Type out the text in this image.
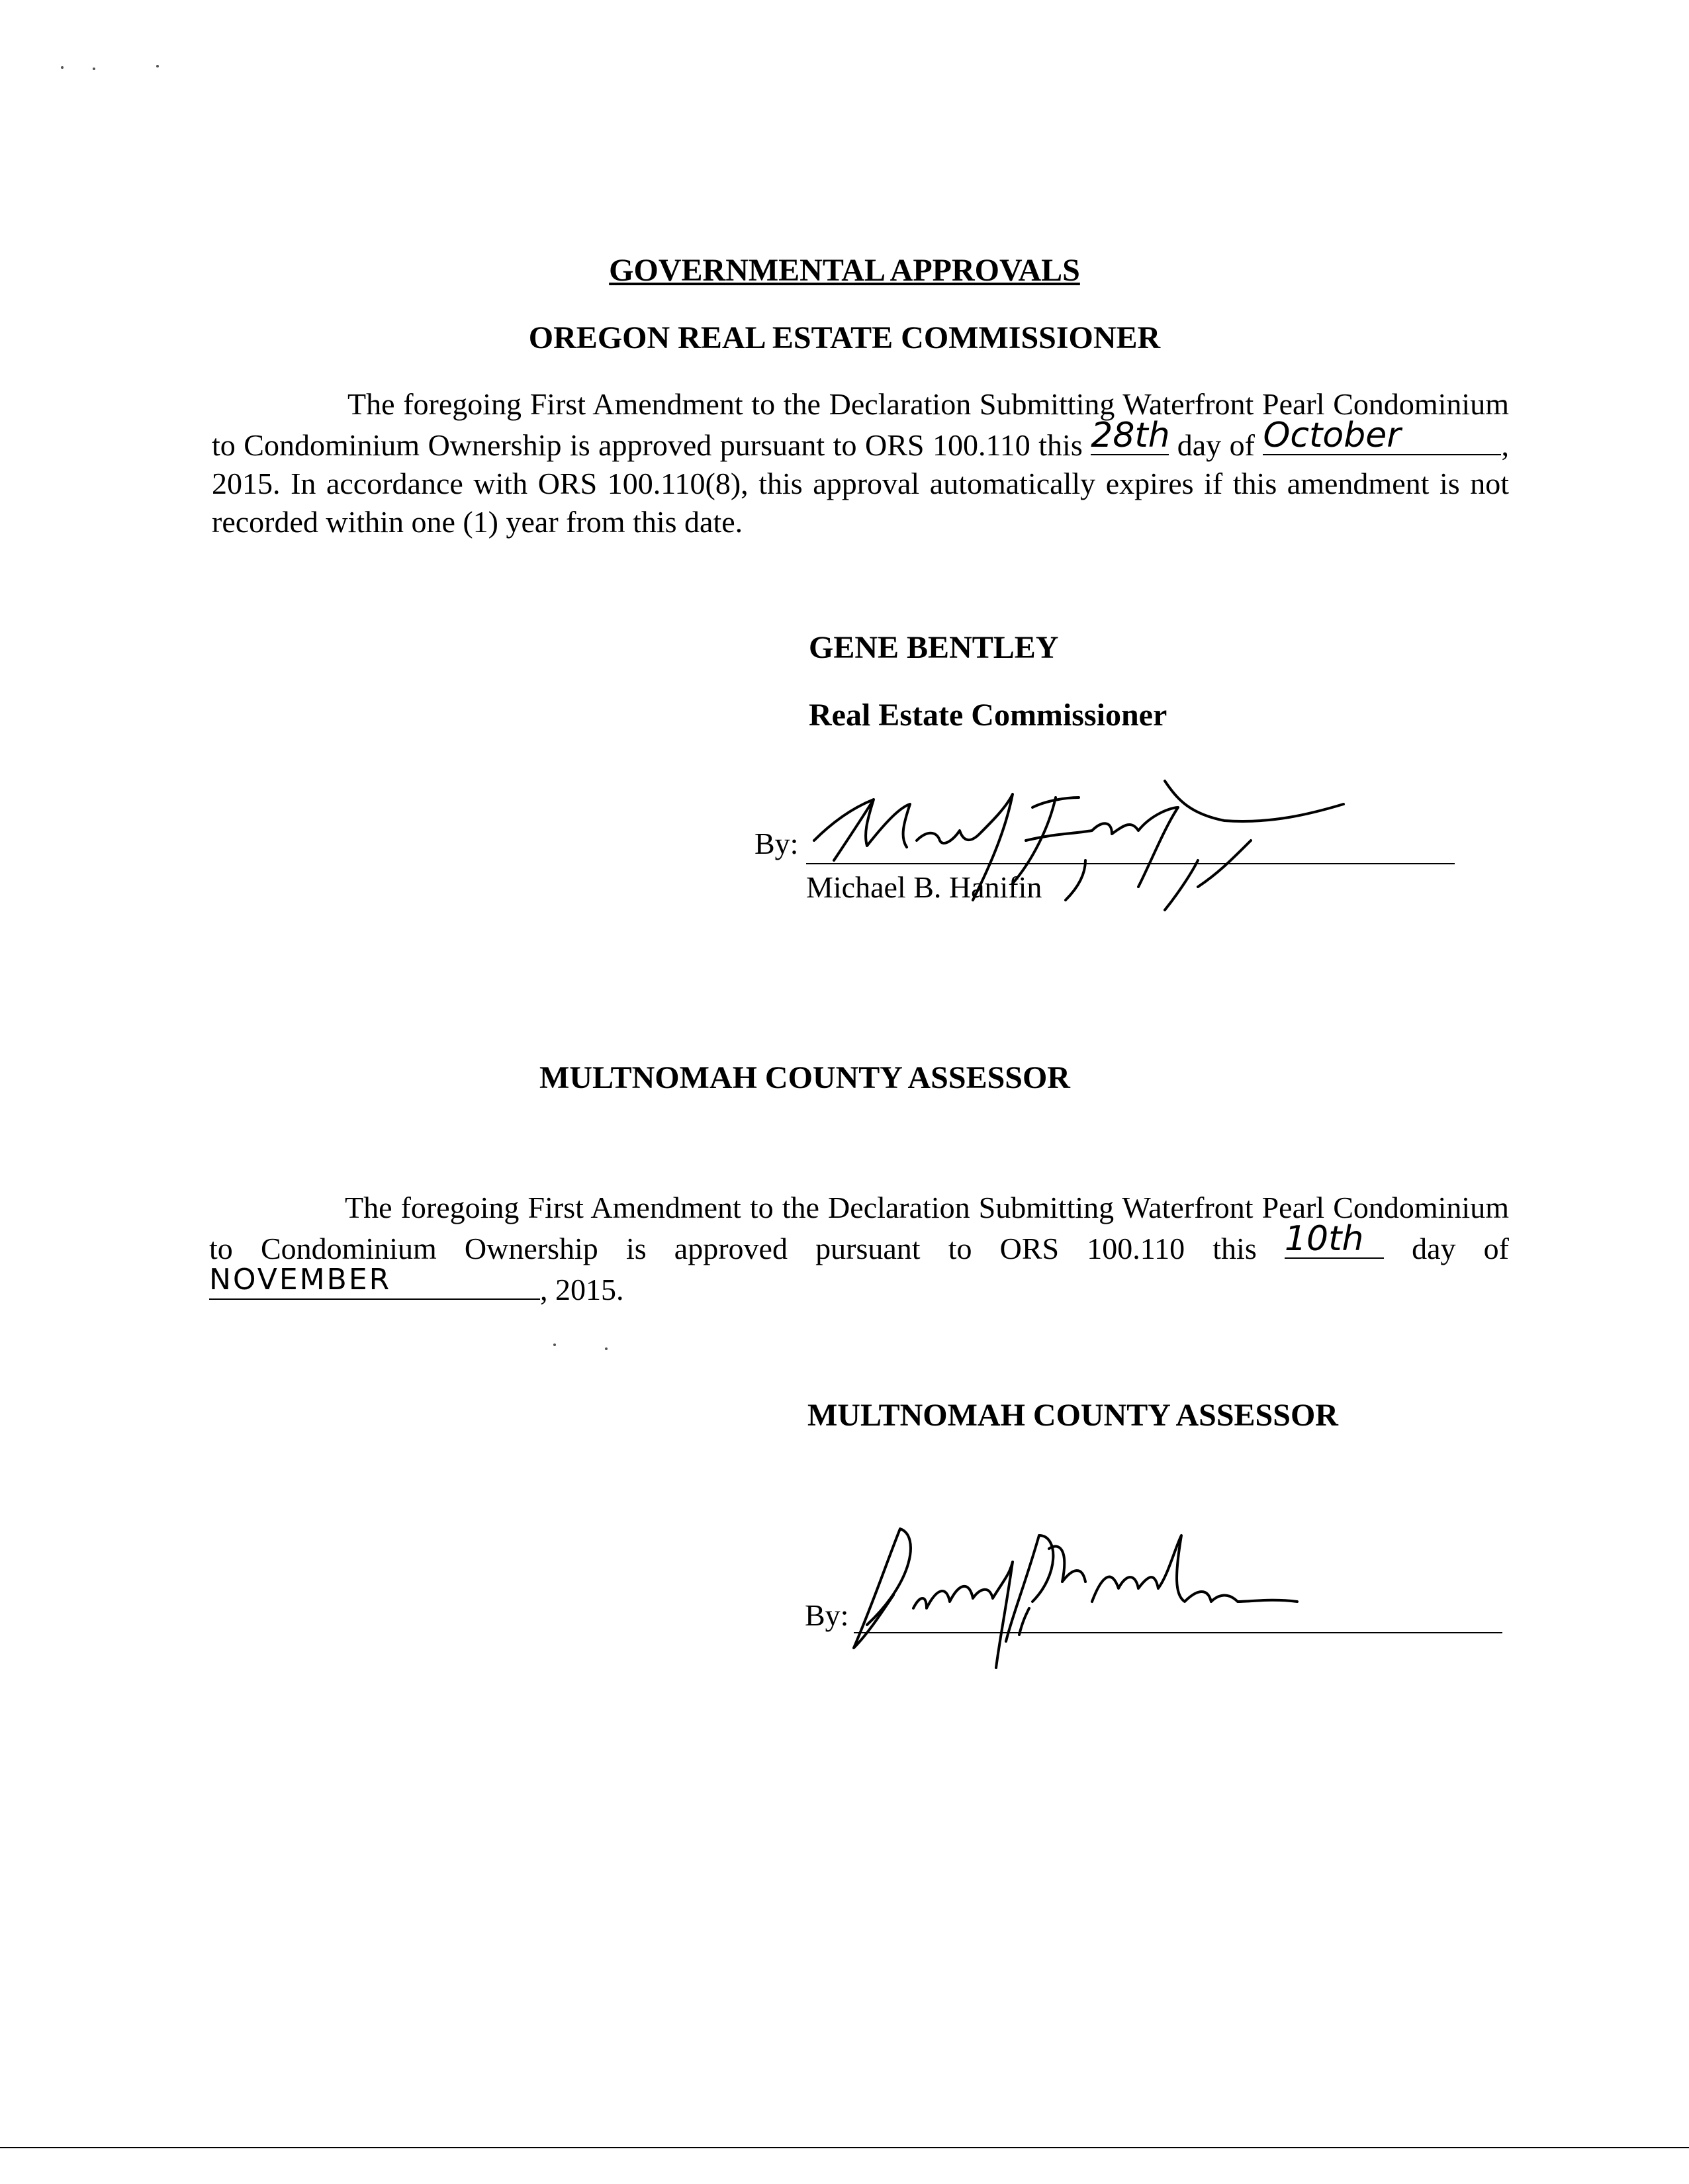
GOVERNMENTAL APPROVALS
OREGON REAL ESTATE COMMISSIONER
The foregoing First Amendment to the Declaration Submitting Waterfront Pearl Condominium to Condominium Ownership is approved pursuant to ORS 100.110 this 28th
day of October	, 2015. In accordance with ORS 100.110(8), this approval automatically expires if this amendment is not recorded within one (1) year from this date.
GENE BENTLEY
Real Estate Commissioner
By:
Michael B. Hanifin
MULTNOMAH COUNTY ASSESSOR
The foregoing First Amendment to the Declaration Submitting Waterfront Pearl Condominium to Condominium Ownership is approved pursuant to ORS 100.110 this 10th day of
NOVEMBER	, 2015.
MULTNOMAH COUNTY ASSESSOR
By:
